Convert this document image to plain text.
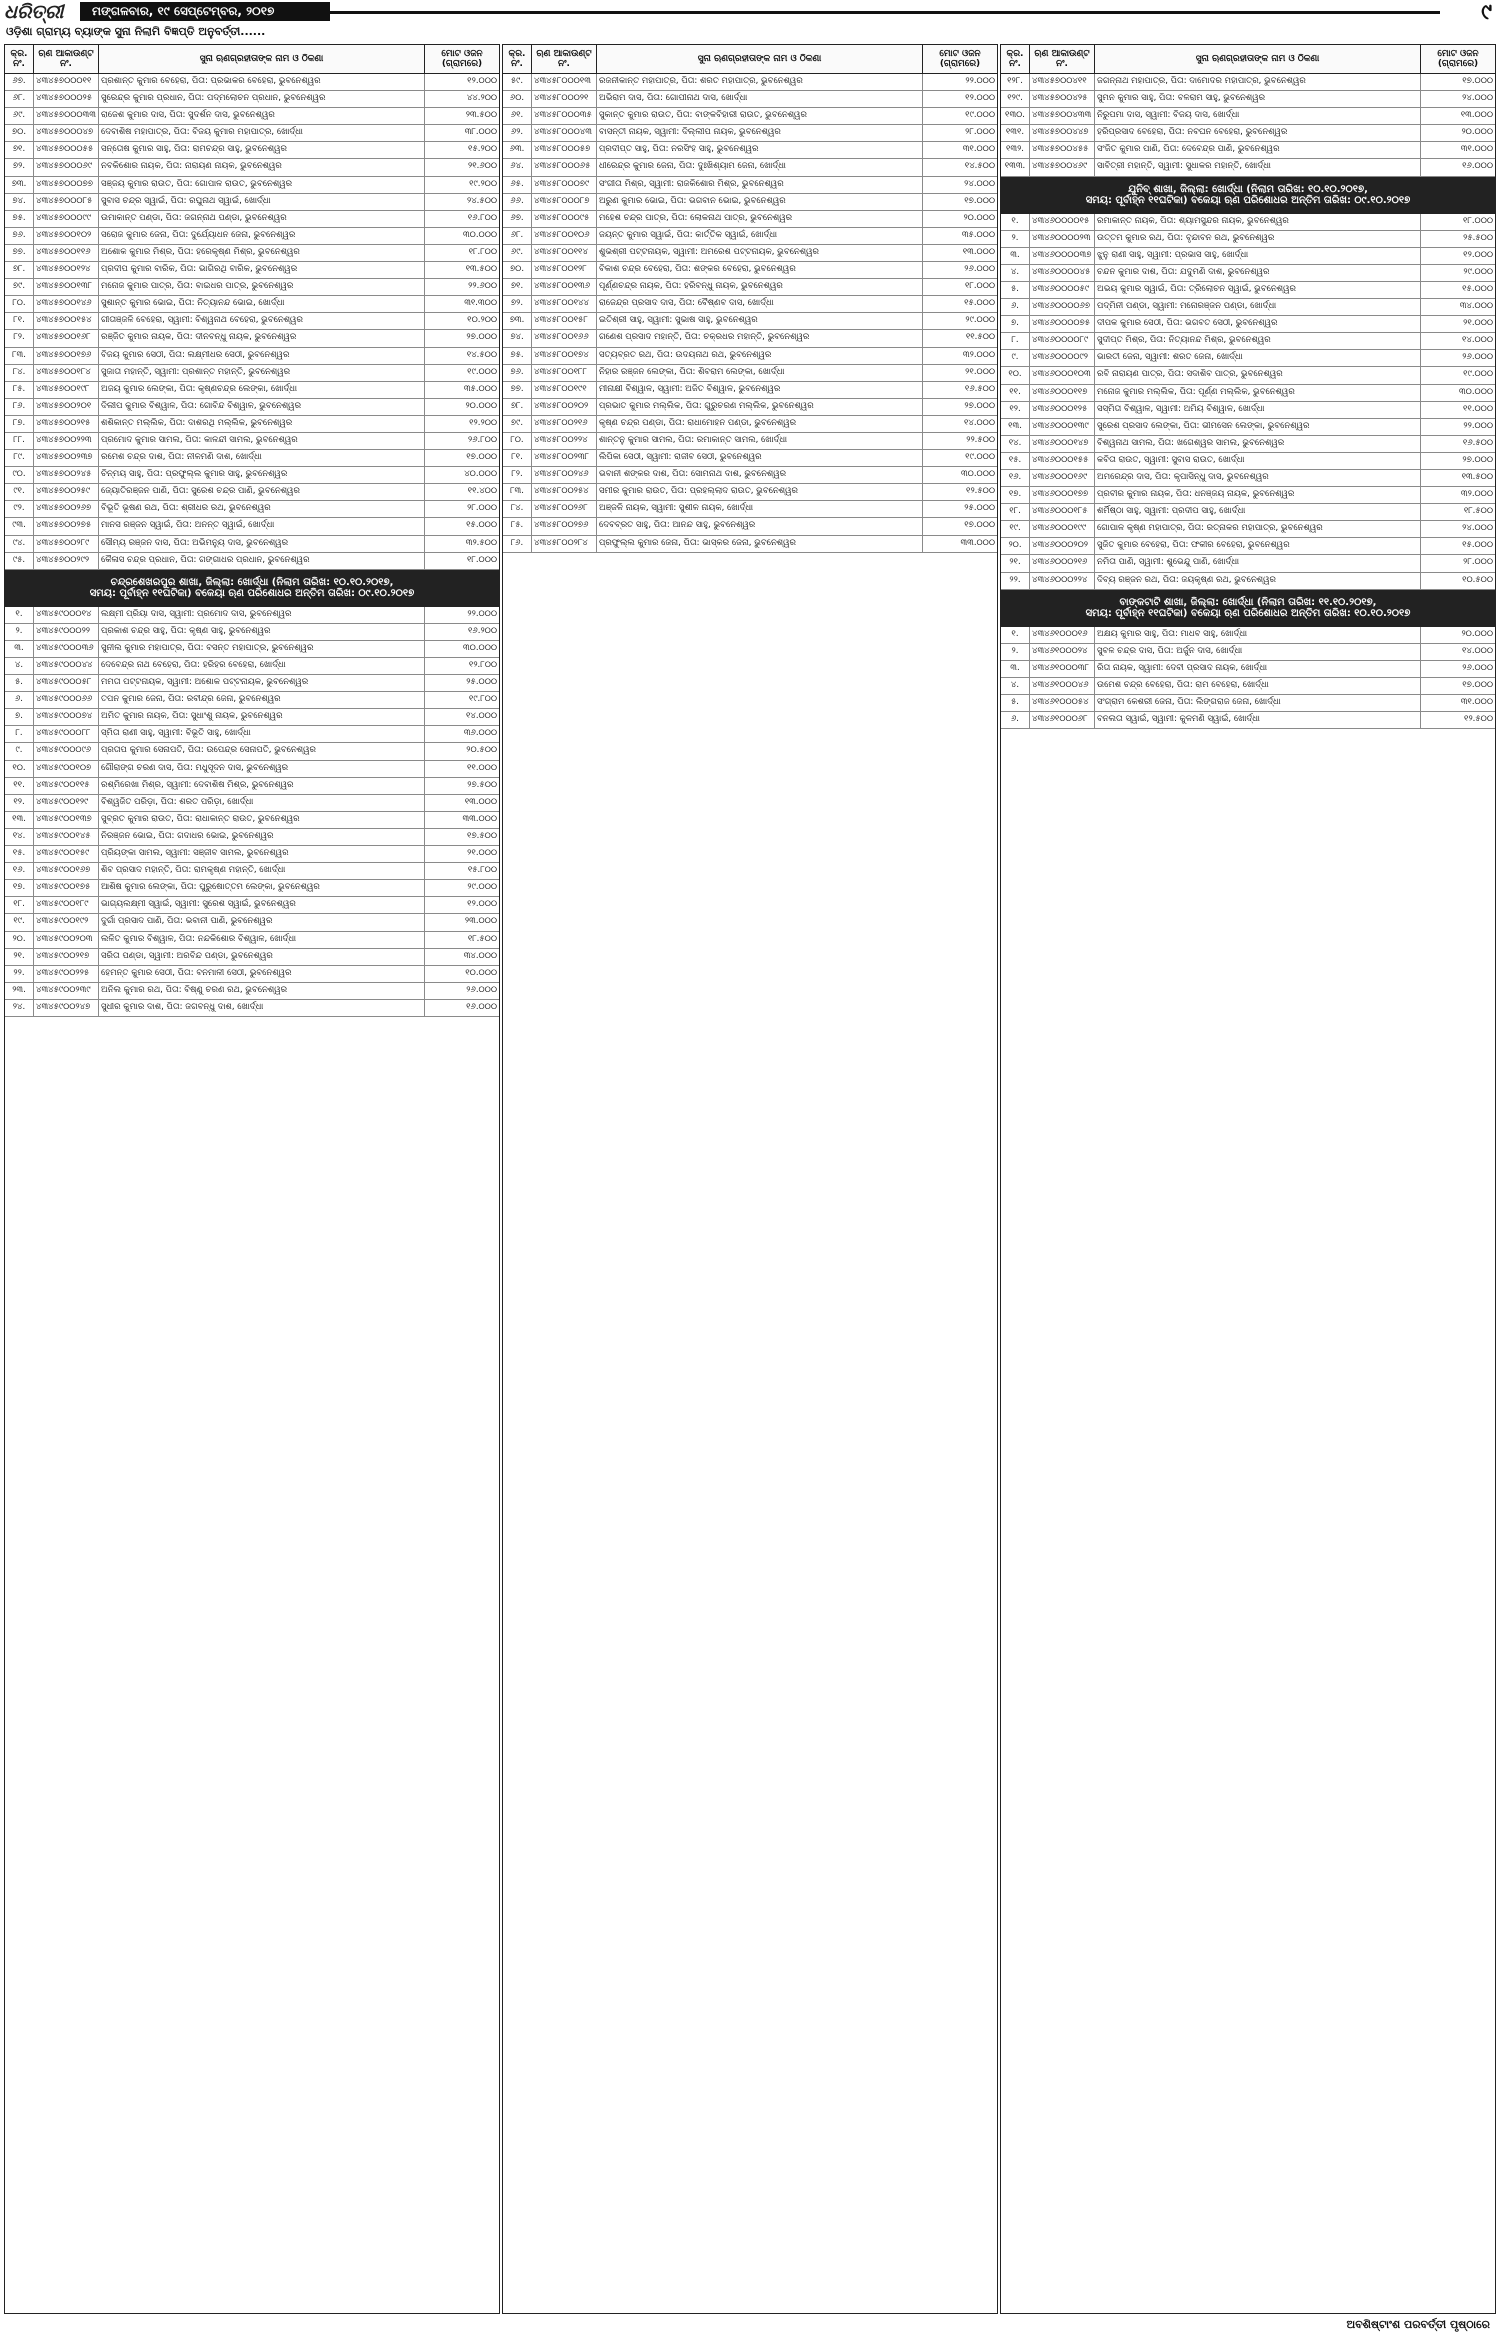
ଧରିତ୍ରୀ	ମଙ୍ଗଳବାର, ୧୯ ସେପ୍ଟେମ୍ବର, ୨୦୧୭	୯
ଓଡ଼ିଶା ଗ୍ରାମ୍ୟ ବ୍ୟାଙ୍କ ସୁନା ନିଲାମି ବିଜ୍ଞପ୍ତି ଅନୁବର୍ତ୍ତୀ......
କ୍ର. ନଂ.
ଋଣ ଆକାଉଣ୍ଟ ନଂ.	ସୁନା ଋଣଗ୍ରହୀତାଙ୍କ ନାମ ଓ ଠିକଣା	ମୋଟ ଓଜନ (ଗ୍ରାମରେ)
୬୭.	୪୩୪୫୭୦୦୦୧୧	ପ୍ରଶାନ୍ତ କୁମାର ବେହେରା, ପିତା: ପ୍ରଭାକର ବେହେରା, ଭୁବନେଶ୍ୱର	୧୨.୦୦୦
୬୮.	୪୩୪୫୭୦୦୦୨୫	ସୁରେନ୍ଦ୍ର କୁମାର ପ୍ରଧାନ, ପିତା: ପଦ୍ମଲୋଚନ ପ୍ରଧାନ, ଭୁବନେଶ୍ୱର	୪୪.୨୦୦
୬୯.	୪୩୪୫୭୦୦୦୩୩ ରାଜେଶ କୁମାର ଦାସ, ପିତା: ସୁଦର୍ଶନ ଦାସ, ଭୁବନେଶ୍ୱର	୨୩.୫୦୦
୭୦.	୪୩୪୫୭୦୦୦୪୭ ଦେବାଶିଷ ମହାପାତ୍ର, ପିତା: ବିଜୟ କୁମାର ମହାପାତ୍ର, ଖୋର୍ଦ୍ଧା	୩୮.୦୦୦
୭୧.	୪୩୪୫୭୦୦୦୫୫ ସନ୍ତୋଷ କୁମାର ସାହୁ, ପିତା: ରାମଚନ୍ଦ୍ର ସାହୁ, ଭୁବନେଶ୍ୱର	୧୫.୨୦୦
୭୨.	୪୩୪୫୭୦୦୦୬୯	ନବକିଶୋର ନାୟକ, ପିତା: ନାରାୟଣ ନାୟକ, ଭୁବନେଶ୍ୱର	୨୧.୬୦୦
୭୩.	୪୩୪୫୭୦୦୦୭୭ ସଞ୍ଜୟ କୁମାର ରାଉତ, ପିତା: ଗୋପାଳ ରାଉତ, ଭୁବନେଶ୍ୱର	୧୯.୨୦୦
୭୪.	୪୩୪୫୭୦୦୦୮୫	ସୁବାସ ଚନ୍ଦ୍ର ସ୍ୱାଇଁ, ପିତା: ରଘୁନାଥ ସ୍ୱାଇଁ, ଖୋର୍ଦ୍ଧା	୨୪.୫୦୦
୭୫.	୪୩୪୫୭୦୦୦୯୯	ଉମାକାନ୍ତ ପଣ୍ଡା, ପିତା: ଜଗନ୍ନାଥ ପଣ୍ଡା, ଭୁବନେଶ୍ୱର	୧୬.୮୦୦
୭୬.	୪୩୪୫୭୦୦୧୦୨	ସରୋଜ କୁମାର ଜେନା, ପିତା: ଦୁର୍ଯ୍ୟୋଧନ ଜେନା, ଭୁବନେଶ୍ୱର	୩୦.୦୦୦
୭୭.	୪୩୪୫୭୦୦୧୧୬	ଅଶୋକ କୁମାର ମିଶ୍ର, ପିତା: ହରେକୃଷ୍ଣ ମିଶ୍ର, ଭୁବନେଶ୍ୱର	୧୮.୮୦୦
୭୮.	୪୩୪୫୭୦୦୧୨୪	ପ୍ରଦୀପ କୁମାର ବାରିକ, ପିତା: ଭାଗିରଥି ବାରିକ, ଭୁବନେଶ୍ୱର	୧୩.୫୦୦
୭୯.	୪୩୪୫୭୦୦୧୩୮	ମନୋଜ କୁମାର ପାତ୍ର, ପିତା: ବାଇଧର ପାତ୍ର, ଭୁବନେଶ୍ୱର	୨୨.୬୦୦
୮୦.	୪୩୪୫୭୦୦୧୪୬	ସୁଶାନ୍ତ କୁମାର ଭୋଇ, ପିତା: ନିତ୍ୟାନନ୍ଦ ଭୋଇ, ଖୋର୍ଦ୍ଧା	୩୧.୩୦୦
୮୧.	୪୩୪୫୭୦୦୧୫୪	ଗୀତାଞ୍ଜଳି ବେହେରା, ସ୍ୱାମୀ: ବିଶ୍ୱନାଥ ବେହେରା, ଭୁବନେଶ୍ୱର	୧୦.୨୦୦
୮୨.	୪୩୪୫୭୦୦୧୬୮	ରଞ୍ଜିତ କୁମାର ନାୟକ, ପିତା: ଦୀନବନ୍ଧୁ ନାୟକ, ଭୁବନେଶ୍ୱର	୨୭.୦୦୦
୮୩.	୪୩୪୫୭୦୦୧୭୬	ବିଜୟ କୁମାର ସେଠୀ, ପିତା: ଲକ୍ଷ୍ମୀଧର ସେଠୀ, ଭୁବନେଶ୍ୱର	୧୪.୫୦୦
୮୪.	୪୩୪୫୭୦୦୧୮୪	ସୁଜାତା ମହାନ୍ତି, ସ୍ୱାମୀ: ପ୍ରଶାନ୍ତ ମହାନ୍ତି, ଭୁବନେଶ୍ୱର	୧୯.୦୦୦
୮୫.	୪୩୪୫୭୦୦୧୯୮	ଅଜୟ କୁମାର ଲେଙ୍କା, ପିତା: କୃଷ୍ଣଚନ୍ଦ୍ର ଲେଙ୍କା, ଖୋର୍ଦ୍ଧା	୩୫.୦୦୦
୮୬.	୪୩୪୫୭୦୦୨୦୧	ଦିଲୀପ କୁମାର ବିଶ୍ୱାଳ, ପିତା: ଗୋବିନ୍ଦ ବିଶ୍ୱାଳ, ଭୁବନେଶ୍ୱର	୨୦.୦୦୦
୮୭.	୪୩୪୫୭୦୦୨୧୫	ଶଶିକାନ୍ତ ମଲ୍ଲିକ, ପିତା: ଦାଶରଥି ମଲ୍ଲିକ, ଭୁବନେଶ୍ୱର	୧୨.୨୦୦
୮୮.	୪୩୪୫୭୦୦୨୨୩	ପ୍ରମୋଦ କୁମାର ସାମଲ, ପିତା: କାଳନ୍ଦୀ ସାମଲ, ଭୁବନେଶ୍ୱର	୨୬.୮୦୦
୮୯.	୪୩୪୫୭୦୦୨୩୭ ରମେଶ ଚନ୍ଦ୍ର ଦାଶ, ପିତା: ନୀଳମଣି ଦାଶ, ଖୋର୍ଦ୍ଧା	୧୭.୦୦୦
୯୦.	୪୩୪୫୭୦୦୨୪୫	ଚିନ୍ମୟ ସାହୁ, ପିତା: ପ୍ରଫୁଲ୍ଲ କୁମାର ସାହୁ, ଭୁବନେଶ୍ୱର	୪୦.୦୦୦
୯୧.	୪୩୪୫୭୦୦୨୫୯	ଜ୍ୟୋତିରଞ୍ଜନ ପାଣି, ପିତା: ସୁରେଶ ଚନ୍ଦ୍ର ପାଣି, ଭୁବନେଶ୍ୱର	୧୧.୪୦୦
୯୨.	୪୩୪୫୭୦୦୨୬୭	ବିଭୂତି ଭୂଷଣ ରଥ, ପିତା: ଶ୍ରୀଧର ରଥ, ଭୁବନେଶ୍ୱର	୨୮.୦୦୦
୯୩.	୪୩୪୫୭୦୦୨୭୫	ମାନସ ରଞ୍ଜନ ସ୍ୱାଇଁ, ପିତା: ଅନନ୍ତ ସ୍ୱାଇଁ, ଖୋର୍ଦ୍ଧା	୧୫.୦୦୦
୯୪.	୪୩୪୫୭୦୦୨୮୯	ସୌମ୍ୟ ରଞ୍ଜନ ଦାସ, ପିତା: ଅଭିମନ୍ୟୁ ଦାସ, ଭୁବନେଶ୍ୱର	୩୨.୫୦୦
୯୫.	୪୩୪୫୭୦୦୨୯୨	କୈଳାସ ଚନ୍ଦ୍ର ପ୍ରଧାନ, ପିତା: ଗଙ୍ଗାଧର ପ୍ରଧାନ, ଭୁବନେଶ୍ୱର	୧୮.୦୦୦
ଚନ୍ଦ୍ରଶେଖରପୁର ଶାଖା, ଜିଲ୍ଲା: ଖୋର୍ଦ୍ଧା (ନିଲାମ ତାରିଖ: ୧୦.୧୦.୨୦୧୭,
ସମୟ: ପୂର୍ବାହ୍ନ ୧୧ଘଟିକା) ବକେୟା ଋଣ ପରିଶୋଧର ଅନ୍ତିମ ତାରିଖ: ୦୯.୧୦.୨୦୧୭
୧.	୪୩୪୫୯୦୦୦୧୪	ଲକ୍ଷ୍ମୀ ପ୍ରିୟା ଦାସ, ସ୍ୱାମୀ: ପ୍ରମୋଦ ଦାସ, ଭୁବନେଶ୍ୱର	୨୨.୦୦୦
୨.	୪୩୪୫୯୦୦୦୨୨	ପ୍ରକାଶ ଚନ୍ଦ୍ର ସାହୁ, ପିତା: କୃଷ୍ଣ ସାହୁ, ଭୁବନେଶ୍ୱର	୧୬.୨୦୦
୩.	୪୩୪୫୯୦୦୦୩୬ ସୁନୀଲ କୁମାର ମହାପାତ୍ର, ପିତା: ବସନ୍ତ ମହାପାତ୍ର, ଭୁବନେଶ୍ୱର	୩୦.୦୦୦
୪.	୪୩୪୫୯୦୦୦୪୪	ଦେବେନ୍ଦ୍ର ନାଥ ବେହେରା, ପିତା: ହରିହର ବେହେରା, ଖୋର୍ଦ୍ଧା	୧୨.୮୦୦
୫.	୪୩୪୫୯୦୦୦୫୮	ମମତା ପଟ୍ଟନାୟକ, ସ୍ୱାମୀ: ଅଶୋକ ପଟ୍ଟନାୟକ, ଭୁବନେଶ୍ୱର	୨୫.୦୦୦
୬.	୪୩୪୫୯୦୦୦୬୬	ତପନ କୁମାର ଜେନା, ପିତା: ରବୀନ୍ଦ୍ର ଜେନା, ଭୁବନେଶ୍ୱର	୧୯.୮୦୦
୭.	୪୩୪୫୯୦୦୦୭୪	ଅମିତ କୁମାର ନାୟକ, ପିତା: ସୁଧାଂଶୁ ନାୟକ, ଭୁବନେଶ୍ୱର	୧୪.୦୦୦
୮.	୪୩୪୫୯୦୦୦୮୮	ସ୍ମିତା ରାଣୀ ସାହୁ, ସ୍ୱାମୀ: ବିଭୂତି ସାହୁ, ଖୋର୍ଦ୍ଧା	୩୬.୦୦୦
୯.	୪୩୪୫୯୦୦୦୯୬	ପ୍ରତାପ କୁମାର ସେନାପତି, ପିତା: ଉପେନ୍ଦ୍ର ସେନାପତି, ଭୁବନେଶ୍ୱର	୨୦.୫୦୦
୧୦.	୪୩୪୫୯୦୦୧୦୭	ଗୌରାଙ୍ଗ ଚରଣ ଦାସ, ପିତା: ମଧୁସୂଦନ ଦାସ, ଭୁବନେଶ୍ୱର	୧୧.୦୦୦
୧୧.	୪୩୪୫୯୦୦୧୧୫	ରଶ୍ମିରେଖା ମିଶ୍ର, ସ୍ୱାମୀ: ଦେବାଶିଷ ମିଶ୍ର, ଭୁବନେଶ୍ୱର	୨୭.୫୦୦
୧୨.	୪୩୪୫୯୦୦୧୨୯	ବିଶ୍ୱଜିତ ପରିଡ଼ା, ପିତା: ଶରତ ପରିଡ଼ା, ଖୋର୍ଦ୍ଧା	୧୩.୦୦୦
୧୩.	୪୩୪୫୯୦୦୧୩୭	ସୁବ୍ରତ କୁମାର ରାଉତ, ପିତା: ରାଧାକାନ୍ତ ରାଉତ, ଭୁବନେଶ୍ୱର	୩୩.୦୦୦
୧୪.	୪୩୪୫୯୦୦୧୪୫	ନିରଞ୍ଜନ ଭୋଇ, ପିତା: ଗଦାଧର ଭୋଇ, ଭୁବନେଶ୍ୱର	୧୭.୫୦୦
୧୫.	୪୩୪୫୯୦୦୧୫୯	ପ୍ରିୟଙ୍କା ସାମଲ, ସ୍ୱାମୀ: ସଞ୍ଜୀବ ସାମଲ, ଭୁବନେଶ୍ୱର	୨୧.୦୦୦
୧୬.	୪୩୪୫୯୦୦୧୬୭	ଶିବ ପ୍ରସାଦ ମହାନ୍ତି, ପିତା: ରାମକୃଷ୍ଣ ମହାନ୍ତି, ଖୋର୍ଦ୍ଧା	୧୫.୮୦୦
୧୭.	୪୩୪୫୯୦୦୧୭୫	ଆଶିଷ କୁମାର ଲେଙ୍କା, ପିତା: ପୁରୁଷୋତ୍ତମ ଲେଙ୍କା, ଭୁବନେଶ୍ୱର	୨୯.୦୦୦
୧୮.	୪୩୪୫୯୦୦୧୮୯	ଭାଗ୍ୟଲକ୍ଷ୍ମୀ ସ୍ୱାଇଁ, ସ୍ୱାମୀ: ସୁରେଶ ସ୍ୱାଇଁ, ଭୁବନେଶ୍ୱର	୧୨.୦୦୦
୧୯.	୪୩୪୫୯୦୦୧୯୨	ଦୁର୍ଗା ପ୍ରସାଦ ପାଣି, ପିତା: ଭବାନୀ ପାଣି, ଭୁବନେଶ୍ୱର	୨୩.୦୦୦
୨୦.	୪୩୪୫୯୦୦୨୦୩	ଲଳିତ କୁମାର ବିଶ୍ୱାଳ, ପିତା: ନନ୍ଦକିଶୋର ବିଶ୍ୱାଳ, ଖୋର୍ଦ୍ଧା	୧୮.୫୦୦
୨୧.	୪୩୪୫୯୦୦୨୧୭	ସରିତା ପଣ୍ଡା, ସ୍ୱାମୀ: ଅରବିନ୍ଦ ପଣ୍ଡା, ଭୁବନେଶ୍ୱର	୩୪.୦୦୦
୨୨.	୪୩୪୫୯୦୦୨୨୫	ହେମନ୍ତ କୁମାର ସେଠୀ, ପିତା: ବନମାଳୀ ସେଠୀ, ଭୁବନେଶ୍ୱର	୧୦.୦୦୦
୨୩.	୪୩୪୫୯୦୦୨୩୯	ଅନିଲ କୁମାର ରଥ, ପିତା: ବିଷ୍ଣୁ ଚରଣ ରଥ, ଭୁବନେଶ୍ୱର	୨୬.୦୦୦
୨୪.	୪୩୪୫୯୦୦୨୪୭	ସୁଧୀର କୁମାର ଦାଶ, ପିତା: ଜଗବନ୍ଧୁ ଦାଶ, ଖୋର୍ଦ୍ଧା	୧୬.୦୦୦
କ୍ର. ନଂ.
ଋଣ ଆକାଉଣ୍ଟ ନଂ.	ସୁନା ଋଣଗ୍ରହୀତାଙ୍କ ନାମ ଓ ଠିକଣା	ମୋଟ ଓଜନ (ଗ୍ରାମରେ)
୫୯.	୪୩୪୫୮୦୦୦୧୩ ରଜନୀକାନ୍ତ ମହାପାତ୍ର, ପିତା: ଶରତ ମହାପାତ୍ର, ଭୁବନେଶ୍ୱର	୨୨.୦୦୦
୬୦.	୪୩୪୫୮୦୦୦୨୧	ଅଭିରାମ ଦାସ, ପିତା: ଗୋପୀନାଥ ଦାସ, ଖୋର୍ଦ୍ଧା	୧୨.୦୦୦
୬୧.	୪୩୪୫୮୦୦୦୩୫ ସୁକାନ୍ତ କୁମାର ରାଉତ, ପିତା: ବାଙ୍କବିହାରୀ ରାଉତ, ଭୁବନେଶ୍ୱର	୧୯.୦୦୦
୬୨.	୪୩୪୫୮୦୦୦୪୩ ବାସନ୍ତୀ ନାୟକ, ସ୍ୱାମୀ: ଦିଲ୍ଲୀପ ନାୟକ, ଭୁବନେଶ୍ୱର	୨୮.୦୦୦
୬୩.	୪୩୪୫୮୦୦୦୫୭	ପ୍ରଦୀପ୍ତ ସାହୁ, ପିତା: ନରସିଂହ ସାହୁ, ଭୁବନେଶ୍ୱର	୩୧.୦୦୦
୬୪.	୪୩୪୫୮୦୦୦୬୫	ଧୀରେନ୍ଦ୍ର କୁମାର ଜେନା, ପିତା: ଦୁଃଖିଶ୍ୟାମ ଜେନା, ଖୋର୍ଦ୍ଧା	୧୪.୫୦୦
୬୫.	୪୩୪୫୮୦୦୦୭୯	ସଂଗୀତା ମିଶ୍ର, ସ୍ୱାମୀ: ରାଜକିଶୋର ମିଶ୍ର, ଭୁବନେଶ୍ୱର	୨୪.୦୦୦
୬୬.	୪୩୪୫୮୦୦୦୮୭	ଅରୁଣ କୁମାର ଭୋଇ, ପିତା: ଭଗବାନ ଭୋଇ, ଭୁବନେଶ୍ୱର	୧୭.୦୦୦
୬୭.	୪୩୪୫୮୦୦୦୯୫	ମହେଶ ଚନ୍ଦ୍ର ପାତ୍ର, ପିତା: ଲୋକନାଥ ପାତ୍ର, ଭୁବନେଶ୍ୱର	୨୦.୦୦୦
୬୮.	୪୩୪୫୮୦୦୧୦୬	ଜୟନ୍ତ କୁମାର ସ୍ୱାଇଁ, ପିତା: କାର୍ତ୍ତିକ ସ୍ୱାଇଁ, ଖୋର୍ଦ୍ଧା	୩୫.୦୦୦
୬୯.	୪୩୪୫୮୦୦୧୧୪	ଶୁଭଶ୍ରୀ ପଟ୍ଟନାୟକ, ସ୍ୱାମୀ: ଅମରେଶ ପଟ୍ଟନାୟକ, ଭୁବନେଶ୍ୱର	୧୩.୦୦୦
୭୦.	୪୩୪୫୮୦୦୧୨୮	ବିକାଶ ଚନ୍ଦ୍ର ବେହେରା, ପିତା: ଶଙ୍କର ବେହେରା, ଭୁବନେଶ୍ୱର	୨୬.୦୦୦
୭୧.	୪୩୪୫୮୦୦୧୩୬	ପୂର୍ଣ୍ଣଚନ୍ଦ୍ର ନାୟକ, ପିତା: ହରିବନ୍ଧୁ ନାୟକ, ଭୁବନେଶ୍ୱର	୧୮.୦୦୦
୭୨.	୪୩୪୫୮୦୦୧୪୪	ରାଜେନ୍ଦ୍ର ପ୍ରସାଦ ଦାସ, ପିତା: ବୈଷ୍ଣବ ଦାସ, ଖୋର୍ଦ୍ଧା	୧୫.୦୦୦
୭୩.	୪୩୪୫୮୦୦୧୫୮	ଇତିଶ୍ରୀ ସାହୁ, ସ୍ୱାମୀ: ସୁଭାଷ ସାହୁ, ଭୁବନେଶ୍ୱର	୨୯.୦୦୦
୭୪.	୪୩୪୫୮୦୦୧୬୬	ଗଣେଶ ପ୍ରସାଦ ମହାନ୍ତି, ପିତା: ଚକ୍ରଧର ମହାନ୍ତି, ଭୁବନେଶ୍ୱର	୧୧.୫୦୦
୭୫.	୪୩୪୫୮୦୦୧୭୪	ସତ୍ୟବ୍ରତ ରଥ, ପିତା: ଉଦୟନାଥ ରଥ, ଭୁବନେଶ୍ୱର	୩୨.୦୦୦
୭୬.	୪୩୪୫୮୦୦୧୮୮	ନିହାର ରଞ୍ଜନ ଲେଙ୍କା, ପିତା: ଶିବରାମ ଲେଙ୍କା, ଖୋର୍ଦ୍ଧା	୨୧.୦୦୦
୭୭.	୪୩୪୫୮୦୦୧୯୧	ମୀନାକ୍ଷୀ ବିଶ୍ୱାଳ, ସ୍ୱାମୀ: ଅଜିତ ବିଶ୍ୱାଳ, ଭୁବନେଶ୍ୱର	୧୬.୫୦୦
୭୮.	୪୩୪୫୮୦୦୨୦୨	ପ୍ରଭାତ କୁମାର ମଲ୍ଲିକ, ପିତା: ଗୁରୁଚରଣ ମଲ୍ଲିକ, ଭୁବନେଶ୍ୱର	୨୭.୦୦୦
୭୯.	୪୩୪୫୮୦୦୨୧୬	କୃଷ୍ଣ ଚନ୍ଦ୍ର ପଣ୍ଡା, ପିତା: ରାଧାମୋହନ ପଣ୍ଡା, ଭୁବନେଶ୍ୱର	୧୪.୦୦୦
୮୦.	୪୩୪୫୮୦୦୨୨୪	ଶାନ୍ତନୁ କୁମାର ସାମଲ, ପିତା: ରମାକାନ୍ତ ସାମଲ, ଖୋର୍ଦ୍ଧା	୨୨.୫୦୦
୮୧.	୪୩୪୫୮୦୦୨୩୮	ଲିପିକା ସେଠୀ, ସ୍ୱାମୀ: ରାଜୀବ ସେଠୀ, ଭୁବନେଶ୍ୱର	୧୯.୦୦୦
୮୨.	୪୩୪୫୮୦୦୨୪୬	ଭବାନୀ ଶଙ୍କର ଦାଶ, ପିତା: ସୋମନାଥ ଦାଶ, ଭୁବନେଶ୍ୱର	୩୦.୦୦୦
୮୩.	୪୩୪୫୮୦୦୨୫୪	ସମୀର କୁମାର ରାଉତ, ପିତା: ପ୍ରହଲ୍ଲାଦ ରାଉତ, ଭୁବନେଶ୍ୱର	୧୨.୫୦୦
୮୪.	୪୩୪୫୮୦୦୨୬୮	ଅଞ୍ଜଳି ନାୟକ, ସ୍ୱାମୀ: ସୁଶୀଳ ନାୟକ, ଖୋର୍ଦ୍ଧା	୨୫.୦୦୦
୮୫.	୪୩୪୫୮୦୦୨୭୬	ଦେବବ୍ରତ ସାହୁ, ପିତା: ଆନନ୍ଦ ସାହୁ, ଭୁବନେଶ୍ୱର	୧୭.୦୦୦
୮୬.	୪୩୪୫୮୦୦୨୮୪	ପ୍ରଫୁଲ୍ଲ କୁମାର ଜେନା, ପିତା: ଭାସ୍କର ଜେନା, ଭୁବନେଶ୍ୱର	୩୩.୦୦୦
କ୍ର. ନଂ.
ଋଣ ଆକାଉଣ୍ଟ ନଂ.	ସୁନା ଋଣଗ୍ରହୀତାଙ୍କ ନାମ ଓ ଠିକଣା	ମୋଟ ଓଜନ (ଗ୍ରାମରେ)
୧୨୮.	୪୩୪୫୭୦୦୪୧୧	ଜଗନ୍ନାଥ ମହାପାତ୍ର, ପିତା: ଦାମୋଦର ମହାପାତ୍ର, ଭୁବନେଶ୍ୱର	୧୭.୦୦୦
୧୨୯.	୪୩୪୫୭୦୦୪୨୫	ସୁମନ କୁମାର ସାହୁ, ପିତା: ବଳରାମ ସାହୁ, ଭୁବନେଶ୍ୱର	୨୪.୦୦୦
୧୩୦. ୪୩୪୫୭୦୦୪୩୩ ନିରୁପମା ଦାସ, ସ୍ୱାମୀ: ବିଜୟ ଦାସ, ଖୋର୍ଦ୍ଧା	୧୩.୦୦୦
୧୩୧. ୪୩୪୫୭୦୦୪୪୭	ହରିପ୍ରସାଦ ବେହେରା, ପିତା: ନବଘନ ବେହେରା, ଭୁବନେଶ୍ୱର	୨୦.୦୦୦
୧୩୨. ୪୩୪୫୭୦୦୪୫୫	ସଂଜିତ କୁମାର ପାଣି, ପିତା: ଦେବେନ୍ଦ୍ର ପାଣି, ଭୁବନେଶ୍ୱର	୩୧.୦୦୦
୧୩୩. ୪୩୪୫୭୦୦୪୬୯	ସାବିତ୍ରୀ ମହାନ୍ତି, ସ୍ୱାମୀ: ସୁଧାକର ମହାନ୍ତି, ଖୋର୍ଦ୍ଧା	୧୬.୦୦୦
ଯୁନିବ୍ ଶାଖା, ଜିଲ୍ଲା: ଖୋର୍ଦ୍ଧା (ନିଲାମ ତାରିଖ: ୧୦.୧୦.୨୦୧୭,
ସମୟ: ପୂର୍ବାହ୍ନ ୧୧ଘଟିକା) ବକେୟା ଋଣ ପରିଶୋଧର ଅନ୍ତିମ ତାରିଖ: ୦୯.୧୦.୨୦୧୭
୧.	୪୩୪୬୦୦୦୦୧୫ ରମାକାନ୍ତ ନାୟକ, ପିତା: ଶ୍ୟାମସୁନ୍ଦର ନାୟକ, ଭୁବନେଶ୍ୱର	୧୮.୦୦୦
୨.	୪୩୪୬୦୦୦୦୨୩ ଉତ୍ତମ କୁମାର ରଥ, ପିତା: ବୃନ୍ଦାବନ ରଥ, ଭୁବନେଶ୍ୱର	୨୫.୫୦୦
୩.	୪୩୪୬୦୦୦୦୩୭ ଝୁନୁ ରାଣୀ ସାହୁ, ସ୍ୱାମୀ: ପ୍ରଭାସ ସାହୁ, ଖୋର୍ଦ୍ଧା	୧୨.୦୦୦
୪.	୪୩୪୬୦୦୦୦୪୫ ଚନ୍ଦନ କୁମାର ଦାଶ, ପିତା: ଯଦୁମଣି ଦାଶ, ଭୁବନେଶ୍ୱର	୨୯.୦୦୦
୫.	୪୩୪୬୦୦୦୦୫୯ ଅଭୟ କୁମାର ସ୍ୱାଇଁ, ପିତା: ତ୍ରିଲୋଚନ ସ୍ୱାଇଁ, ଭୁବନେଶ୍ୱର	୧୫.୦୦୦
୬.	୪୩୪୬୦୦୦୦୬୭ ପଦ୍ମିନୀ ପଣ୍ଡା, ସ୍ୱାମୀ: ମନୋରଞ୍ଜନ ପଣ୍ଡା, ଖୋର୍ଦ୍ଧା	୩୪.୦୦୦
୭.	୪୩୪୬୦୦୦୦୭୫ ଦୀପକ କୁମାର ସେଠୀ, ପିତା: ଭଗବତ ସେଠୀ, ଭୁବନେଶ୍ୱର	୨୧.୦୦୦
୮.	୪୩୪୬୦୦୦୦୮୯	ସୁଦୀପ୍ତ ମିଶ୍ର, ପିତା: ନିତ୍ୟାନନ୍ଦ ମିଶ୍ର, ଭୁବନେଶ୍ୱର	୧୪.୦୦୦
୯.	୪୩୪୬୦୦୦୦୯୨	ଭାରତୀ ଜେନା, ସ୍ୱାମୀ: ଶରତ ଜେନା, ଖୋର୍ଦ୍ଧା	୨୬.୦୦୦
୧୦.	୪୩୪୬୦୦୦୧୦୩ ରବି ନାରାୟଣ ପାତ୍ର, ପିତା: ସଦାଶିବ ପାତ୍ର, ଭୁବନେଶ୍ୱର	୧୯.୦୦୦
୧୧.	୪୩୪୬୦୦୦୧୧୭	ମନୋଜ କୁମାର ମଲ୍ଲିକ, ପିତା: ପୂର୍ଣ୍ଣ ମଲ୍ଲିକ, ଭୁବନେଶ୍ୱର	୩୦.୦୦୦
୧୨.	୪୩୪୬୦୦୦୧୨୫	ସସ୍ମିତା ବିଶ୍ୱାଳ, ସ୍ୱାମୀ: ଅମିୟ ବିଶ୍ୱାଳ, ଖୋର୍ଦ୍ଧା	୧୧.୦୦୦
୧୩.	୪୩୪୬୦୦୦୧୩୯ ସୁରେଶ ପ୍ରସାଦ ଲେଙ୍କା, ପିତା: ଭୀମସେନ ଲେଙ୍କା, ଭୁବନେଶ୍ୱର	୨୨.୦୦୦
୧୪.	୪୩୪୬୦୦୦୧୪୭	ବିଶ୍ୱନାଥ ସାମଲ, ପିତା: ଖଗେଶ୍ୱର ସାମଲ, ଭୁବନେଶ୍ୱର	୧୬.୫୦୦
୧୫.	୪୩୪୬୦୦୦୧୫୫	କବିତା ରାଉତ, ସ୍ୱାମୀ: ସୁବାସ ରାଉତ, ଖୋର୍ଦ୍ଧା	୨୭.୦୦୦
୧୬.	୪୩୪୬୦୦୦୧୬୯	ଅମରେନ୍ଦ୍ର ଦାସ, ପିତା: କୃପାସିନ୍ଧୁ ଦାସ, ଭୁବନେଶ୍ୱର	୧୩.୫୦୦
୧୭.	୪୩୪୬୦୦୦୧୭୭	ପ୍ରବୀର କୁମାର ନାୟକ, ପିତା: ଧନଞ୍ଜୟ ନାୟକ, ଭୁବନେଶ୍ୱର	୩୨.୦୦୦
୧୮.	୪୩୪୬୦୦୦୧୮୫	ଶର୍ମିଷ୍ଠା ସାହୁ, ସ୍ୱାମୀ: ପ୍ରଦୀପ ସାହୁ, ଖୋର୍ଦ୍ଧା	୧୮.୫୦୦
୧୯.	୪୩୪୬୦୦୦୧୯୯	ଗୋପାଳ କୃଷ୍ଣ ମହାପାତ୍ର, ପିତା: ରତ୍ନାକର ମହାପାତ୍ର, ଭୁବନେଶ୍ୱର	୨୪.୦୦୦
୨୦.	୪୩୪୬୦୦୦୨୦୨	ସୁଜିତ କୁମାର ବେହେରା, ପିତା: ଫକୀର ବେହେରା, ଭୁବନେଶ୍ୱର	୧୫.୦୦୦
୨୧.	୪୩୪୬୦୦୦୨୧୬	ନମିତା ପାଣି, ସ୍ୱାମୀ: ଶୁଭେନ୍ଦୁ ପାଣି, ଖୋର୍ଦ୍ଧା	୨୮.୦୦୦
୨୨.	୪୩୪୬୦୦୦୨୨୪	ଦିବ୍ୟ ରଞ୍ଜନ ରଥ, ପିତା: ଜୟକୃଷ୍ଣ ରଥ, ଭୁବନେଶ୍ୱର	୧୦.୫୦୦
ବାଙ୍କଟାଟି ଶାଖା, ଜିଲ୍ଲା: ଖୋର୍ଦ୍ଧା (ନିଲାମ ତାରିଖ: ୧୧.୧୦.୨୦୧୭,
ସମୟ: ପୂର୍ବାହ୍ନ ୧୧ଘଟିକା) ବକେୟା ଋଣ ପରିଶୋଧର ଅନ୍ତିମ ତାରିଖ: ୧୦.୧୦.୨୦୧୭
୧.	୪୩୪୬୧୦୦୦୧୬	ଅକ୍ଷୟ କୁମାର ସାହୁ, ପିତା: ମାଧବ ସାହୁ, ଖୋର୍ଦ୍ଧା	୨୦.୦୦୦
୨.	୪୩୪୬୧୦୦୦୨୪	ସୁବଳ ଚନ୍ଦ୍ର ଦାସ, ପିତା: ଅର୍ଜୁନ ଦାସ, ଖୋର୍ଦ୍ଧା	୧୪.୦୦୦
୩.	୪୩୪୬୧୦୦୦୩୮ ରିତା ନାୟକ, ସ୍ୱାମୀ: ଦେବୀ ପ୍ରସାଦ ନାୟକ, ଖୋର୍ଦ୍ଧା	୨୬.୦୦୦
୪.	୪୩୪୬୧୦୦୦୪୬ ଉମେଶ ଚନ୍ଦ୍ର ବେହେରା, ପିତା: ରାମ ବେହେରା, ଖୋର୍ଦ୍ଧା	୧୭.୦୦୦
୫.	୪୩୪୬୧୦୦୦୫୪ ସଂଗ୍ରାମ କେଶରୀ ଜେନା, ପିତା: ଲିଙ୍ଗରାଜ ଜେନା, ଖୋର୍ଦ୍ଧା	୩୧.୦୦୦
୬.	୪୩୪୬୧୦୦୦୬୮	ବନଲତା ସ୍ୱାଇଁ, ସ୍ୱାମୀ: କୁଳମଣି ସ୍ୱାଇଁ, ଖୋର୍ଦ୍ଧା	୧୨.୫୦୦
ଅବଶିଷ୍ଟାଂଶ ପରବର୍ତ୍ତୀ ପୃଷ୍ଠାରେ
